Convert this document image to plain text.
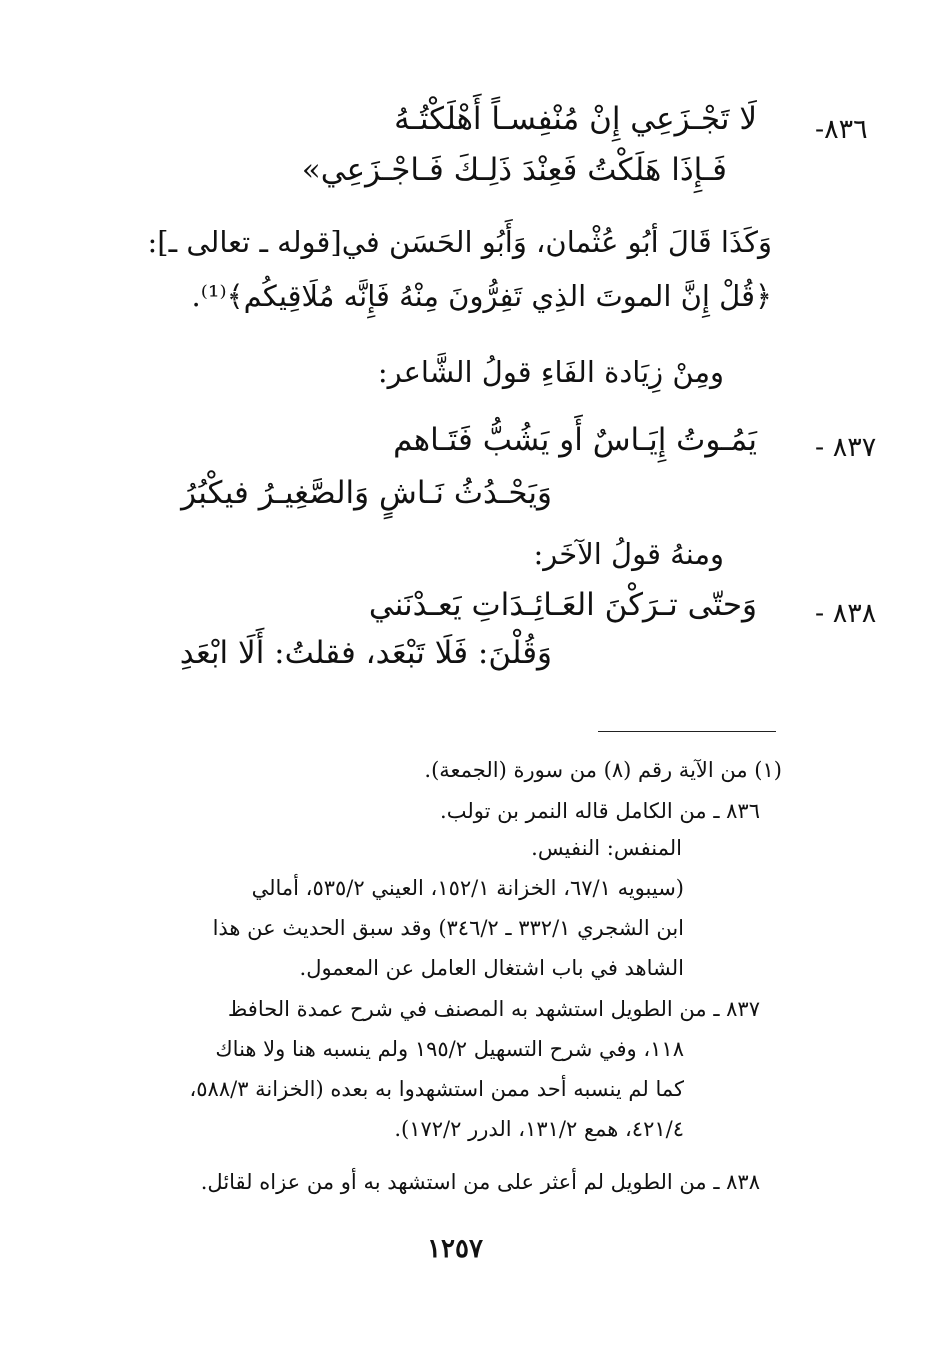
٨٣٦-
لَا تَجْـزَعِي إِنْ مُنْفِسـاً أَهْلَكْتُـهُ
فَـإِذَا هَلَكْتُ فَعِنْدَ ذَلِـكَ فَـاجْـزَعِي»
وَكَذَا قَالَ أبُو عُثْمان، وَأَبُو الحَسَن في[قوله ـ تعالى ـ]:
﴿قُلْ إِنَّ الموتَ الذِي تَفِرُّونَ مِنْهُ فَإِنَّه مُلَاقِيكُم﴾⁽¹⁾.
ومِنْ زِيَادة الفَاءِ قولُ الشَّاعر:
٨٣٧ -
يَمُـوتُ إِيَـاسٌ أَو يَشُبُّ فَتَـاهم
وَيَحْـدُثُ نَـاشٍ وَالصَّغِيـرُ فيكْبُرُ
ومنهُ قولُ الآخَر:
٨٣٨ -
وَحتّى تـرَكْنَ العَـائِـدَاتِ يَعـدْنَني
وَقُلْنَ: فَلَا تَبْعَد، فقلتُ: أَلَا ابْعَدِ
(١) من الآية رقم (٨) من سورة (الجمعة).
٨٣٦ ـ من الكامل قاله النمر بن تولب.
المنفس: النفيس.
(سيبويه ٦٧/١، الخزانة ١٥٢/١، العيني ٥٣٥/٢، أمالي
ابن الشجري ٣٣٢/١ ـ ٣٤٦/٢) وقد سبق الحديث عن هذا
الشاهد في باب اشتغال العامل عن المعمول.
٨٣٧ ـ من الطويل استشهد به المصنف في شرح عمدة الحافظ
١١٨، وفي شرح التسهيل ١٩٥/٢ ولم ينسبه هنا ولا هناك
كما لم ينسبه أحد ممن استشهدوا به بعده (الخزانة ٥٨٨/٣،
٤٢١/٤، همع ١٣١/٢، الدرر ١٧٢/٢).
٨٣٨ ـ من الطويل لم أعثر على من استشهد به أو من عزاه لقائل.
١٢٥٧
